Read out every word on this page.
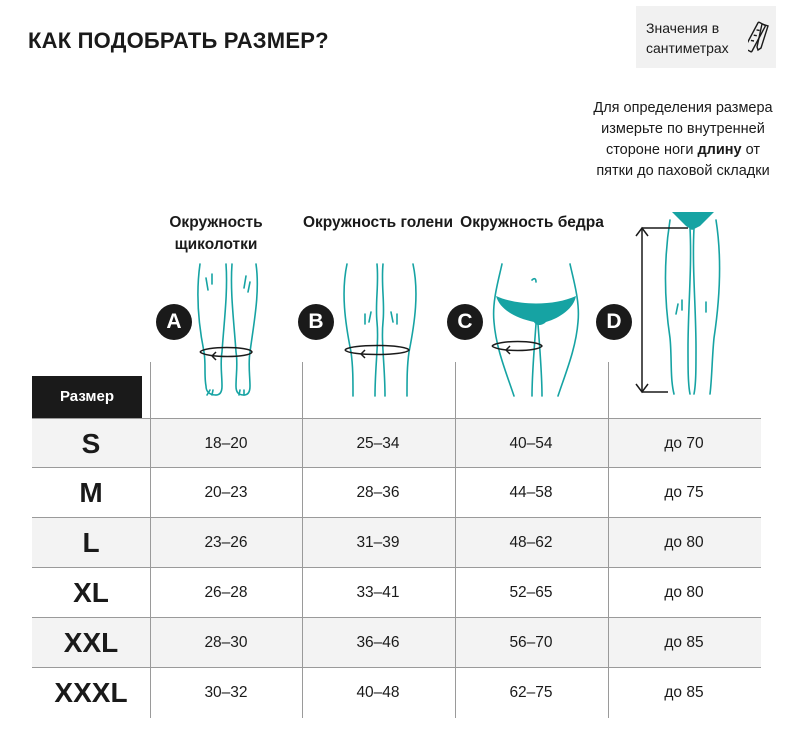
КАК ПОДОБРАТЬ РАЗМЕР?	Значения в сантиметрах
Для определения размера измерьте по внутренней стороне ноги длину от пятки до паховой складки
Окружность щиколотки
Окружность голени Окружность бедра
A	B	C	D
Размер
S	18–20	25–34	40–54	до 70
M	20–23	28–36	44–58	до 75
L	23–26	31–39	48–62	до 80
XL	26–28	33–41	52–65	до 80
XXL	28–30	36–46	56–70	до 85
XXXL	30–32	40–48	62–75	до 85
